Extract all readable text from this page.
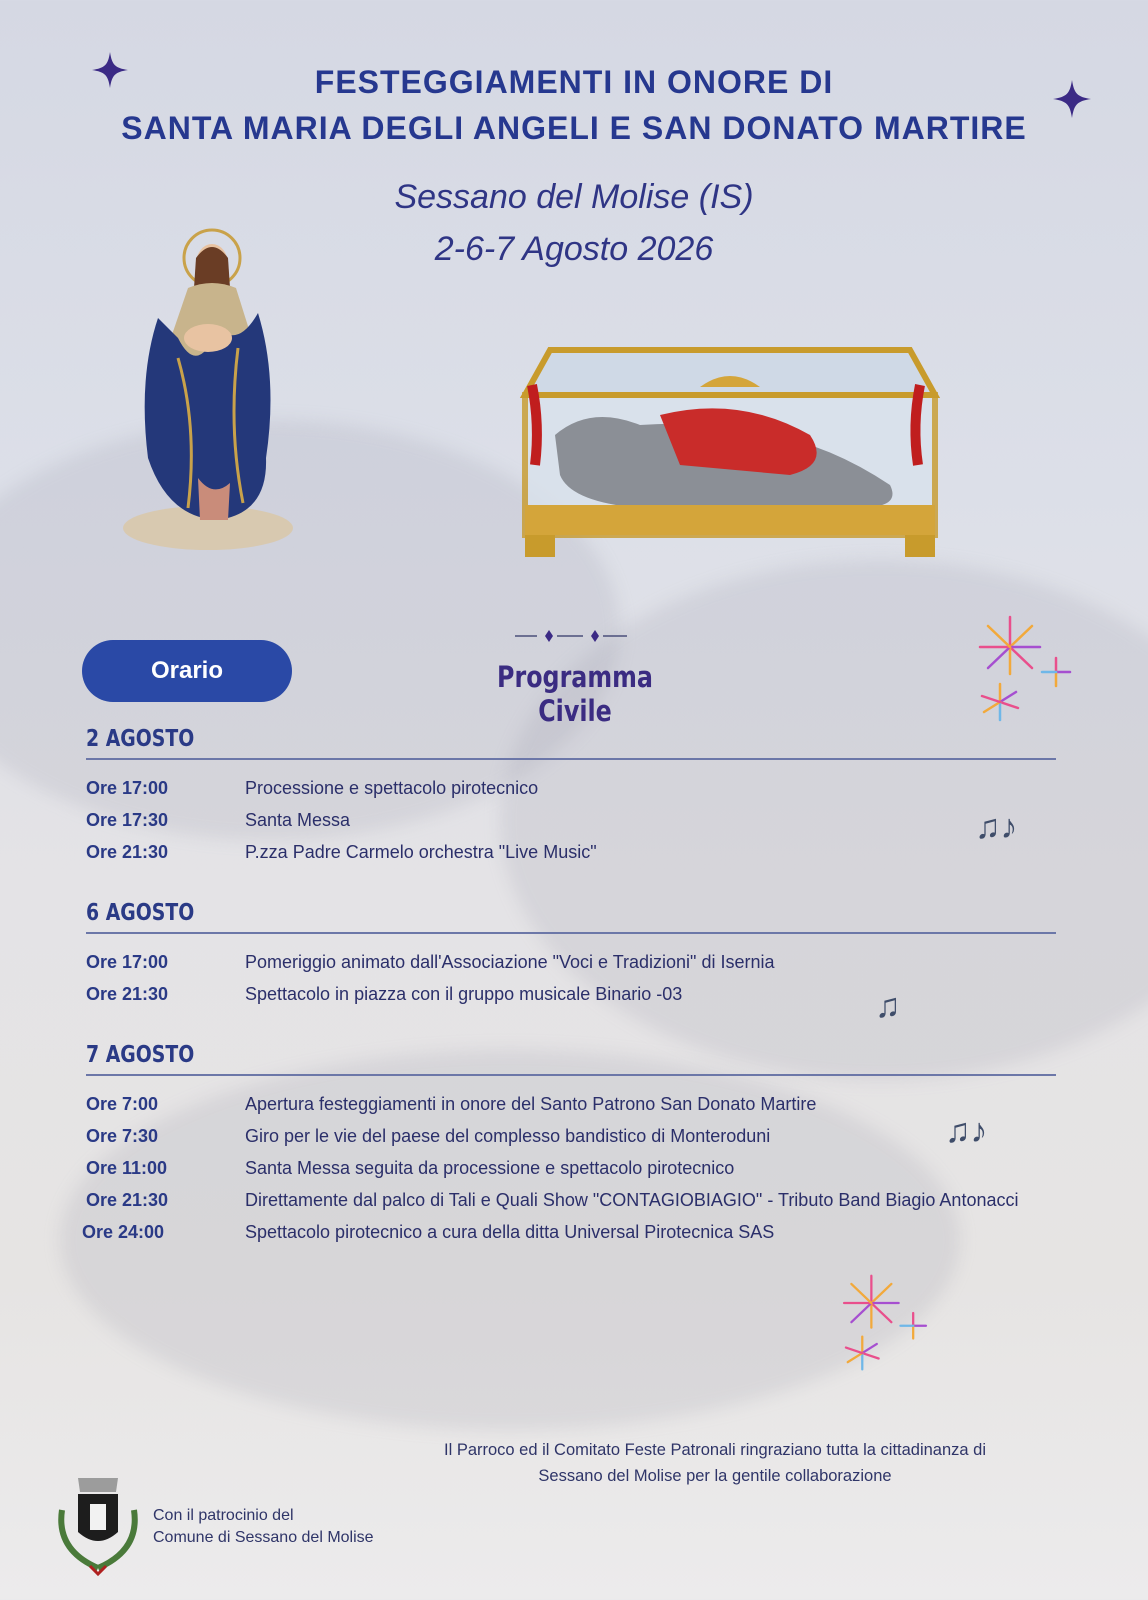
FESTEGGIAMENTI IN ONORE DI
SANTA MARIA DEGLI ANGELI E SAN DONATO MARTIRE
Sessano del Molise (IS)
2-6-7 Agosto 2026
Orario	Programma Civile
2 AGOSTO
Ore 17:00	Processione e spettacolo pirotecnico
Ore 17:30	Santa Messa
Ore 21:30	P.zza Padre Carmelo orchestra "Live Music"
♫♪
6 AGOSTO
Ore 17:00	Pomeriggio animato dall'Associazione "Voci e Tradizioni" di Isernia
Ore 21:30	Spettacolo in piazza con il gruppo musicale Binario -03	♫
7 AGOSTO
Ore 7:00	Apertura festeggiamenti in onore del Santo Patrono San Donato Martire
Ore 7:30	Giro per le vie del paese del complesso bandistico di Monteroduni
Ore 11:00	Santa Messa seguita da processione e spettacolo pirotecnico
Ore 21:30	Direttamente dal palco di Tali e Quali Show "CONTAGIOBIAGIO" - Tributo Band Biagio Antonacci
Ore 24:00	Spettacolo pirotecnico a cura della ditta Universal Pirotecnica SAS
♫♪
Il Parroco ed il Comitato Feste Patronali ringraziano tutta la cittadinanza di
Sessano del Molise per la gentile collaborazione
Con il patrocinio del
Comune di Sessano del Molise
